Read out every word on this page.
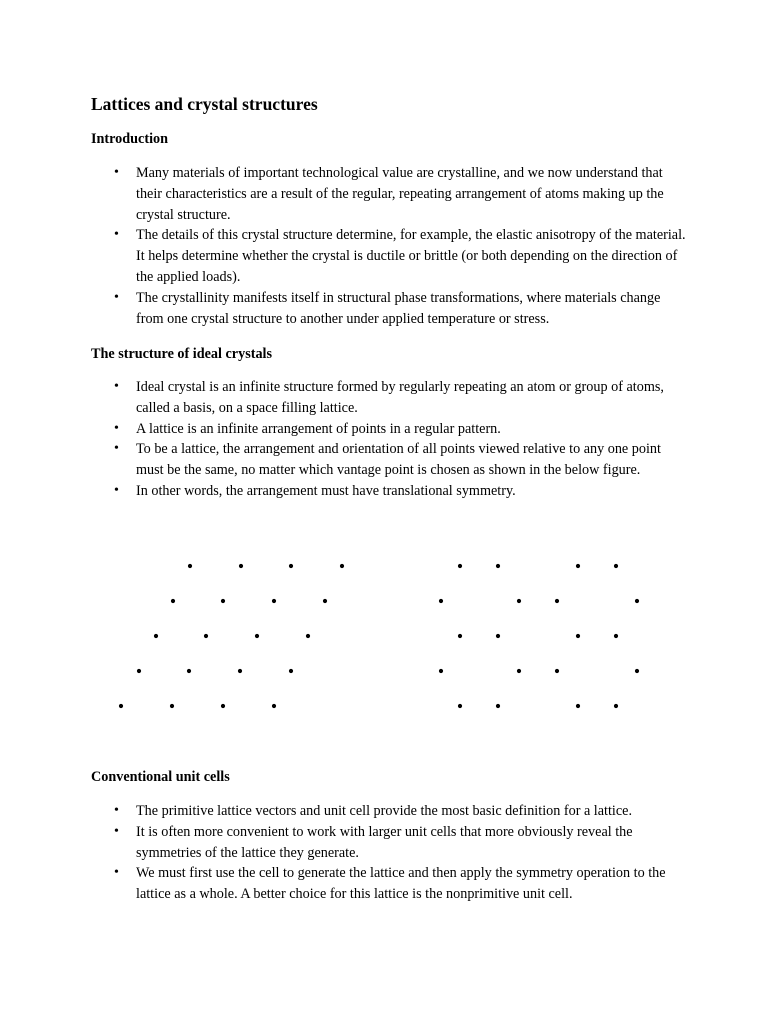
Lattices and crystal structures
Introduction
• Many materials of important technological value are crystalline, and we now understand that their characteristics are a result of the regular, repeating arrangement of atoms making up the crystal structure.
• The details of this crystal structure determine, for example, the elastic anisotropy of the material. It helps determine whether the crystal is ductile or brittle (or both depending on the direction of the applied loads).
• The crystallinity manifests itself in structural phase transformations, where materials change from one crystal structure to another under applied temperature or stress.
The structure of ideal crystals
• Ideal crystal is an infinite structure formed by regularly repeating an atom or group of atoms, called a basis, on a space filling lattice.
• A lattice is an infinite arrangement of points in a regular pattern.
• To be a lattice, the arrangement and orientation of all points viewed relative to any one point must be the same, no matter which vantage point is chosen as shown in the below figure.
• In other words, the arrangement must have translational symmetry.
Conventional unit cells
• The primitive lattice vectors and unit cell provide the most basic definition for a lattice.
• It is often more convenient to work with larger unit cells that more obviously reveal the symmetries of the lattice they generate.
• We must first use the cell to generate the lattice and then apply the symmetry operation to the lattice as a whole. A better choice for this lattice is the nonprimitive unit cell.
